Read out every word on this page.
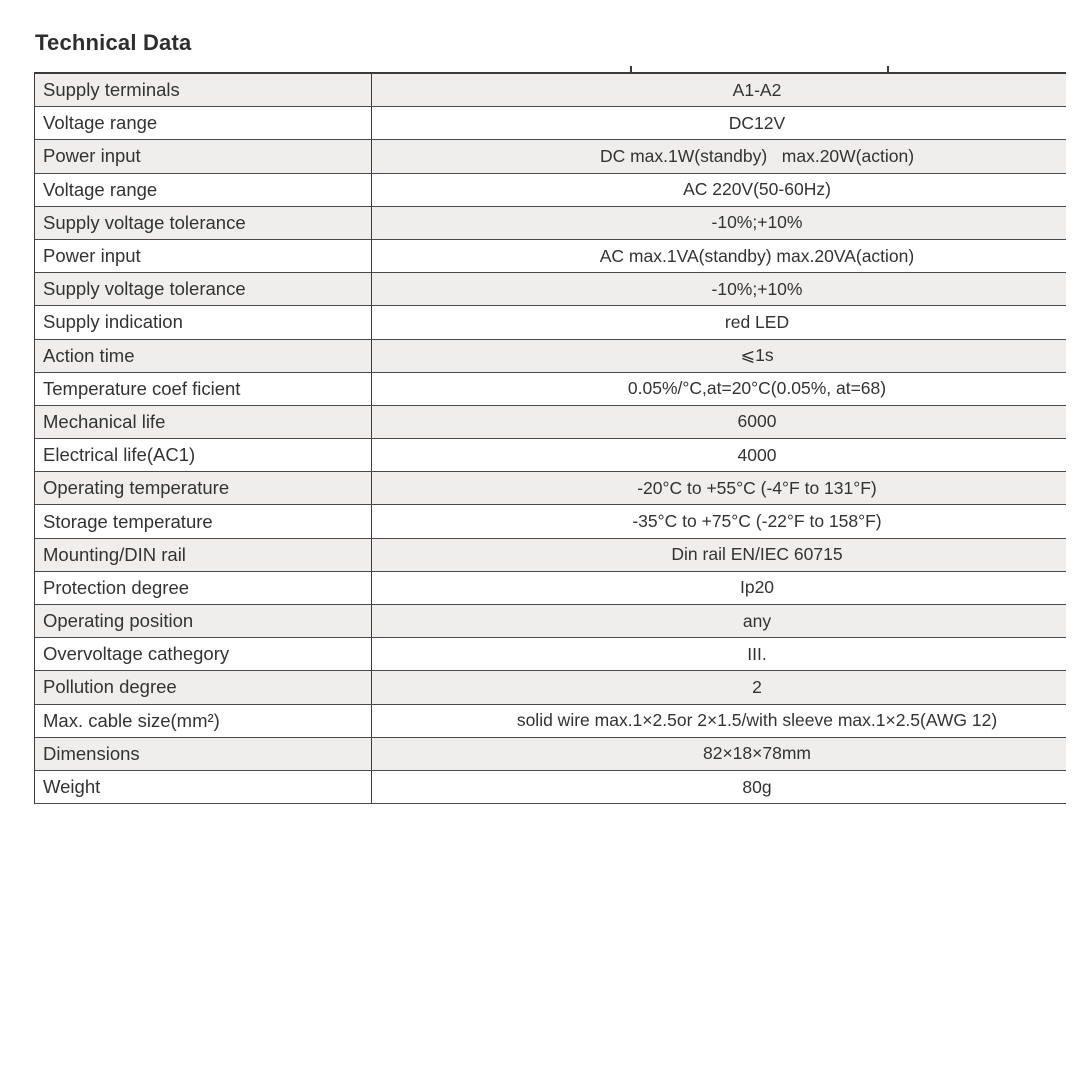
Technical Data
Supply terminals	A1-A2
Voltage range	DC12V
Power input	DC max.1W(standby)   max.20W(action)
Voltage range	AC 220V(50-60Hz)
Supply voltage tolerance	-10%;+10%
Power input	AC max.1VA(standby) max.20VA(action)
Supply voltage tolerance	-10%;+10%
Supply indication	red LED
Action time	⩽1s
Temperature coef ficient	0.05%/°C,at=20°C(0.05%, at=68)
Mechanical life	6000
Electrical life(AC1)	4000
Operating temperature	-20°C to +55°C (-4°F to 131°F)
Storage temperature	-35°C to +75°C (-22°F to 158°F)
Mounting/DIN rail	Din rail EN/IEC 60715
Protection degree	Ip20
Operating position	any
Overvoltage cathegory	III.
Pollution degree	2
Max. cable size(mm²)	solid wire max.1×2.5or 2×1.5/with sleeve max.1×2.5(AWG 12)
Dimensions	82×18×78mm
Weight	80g
